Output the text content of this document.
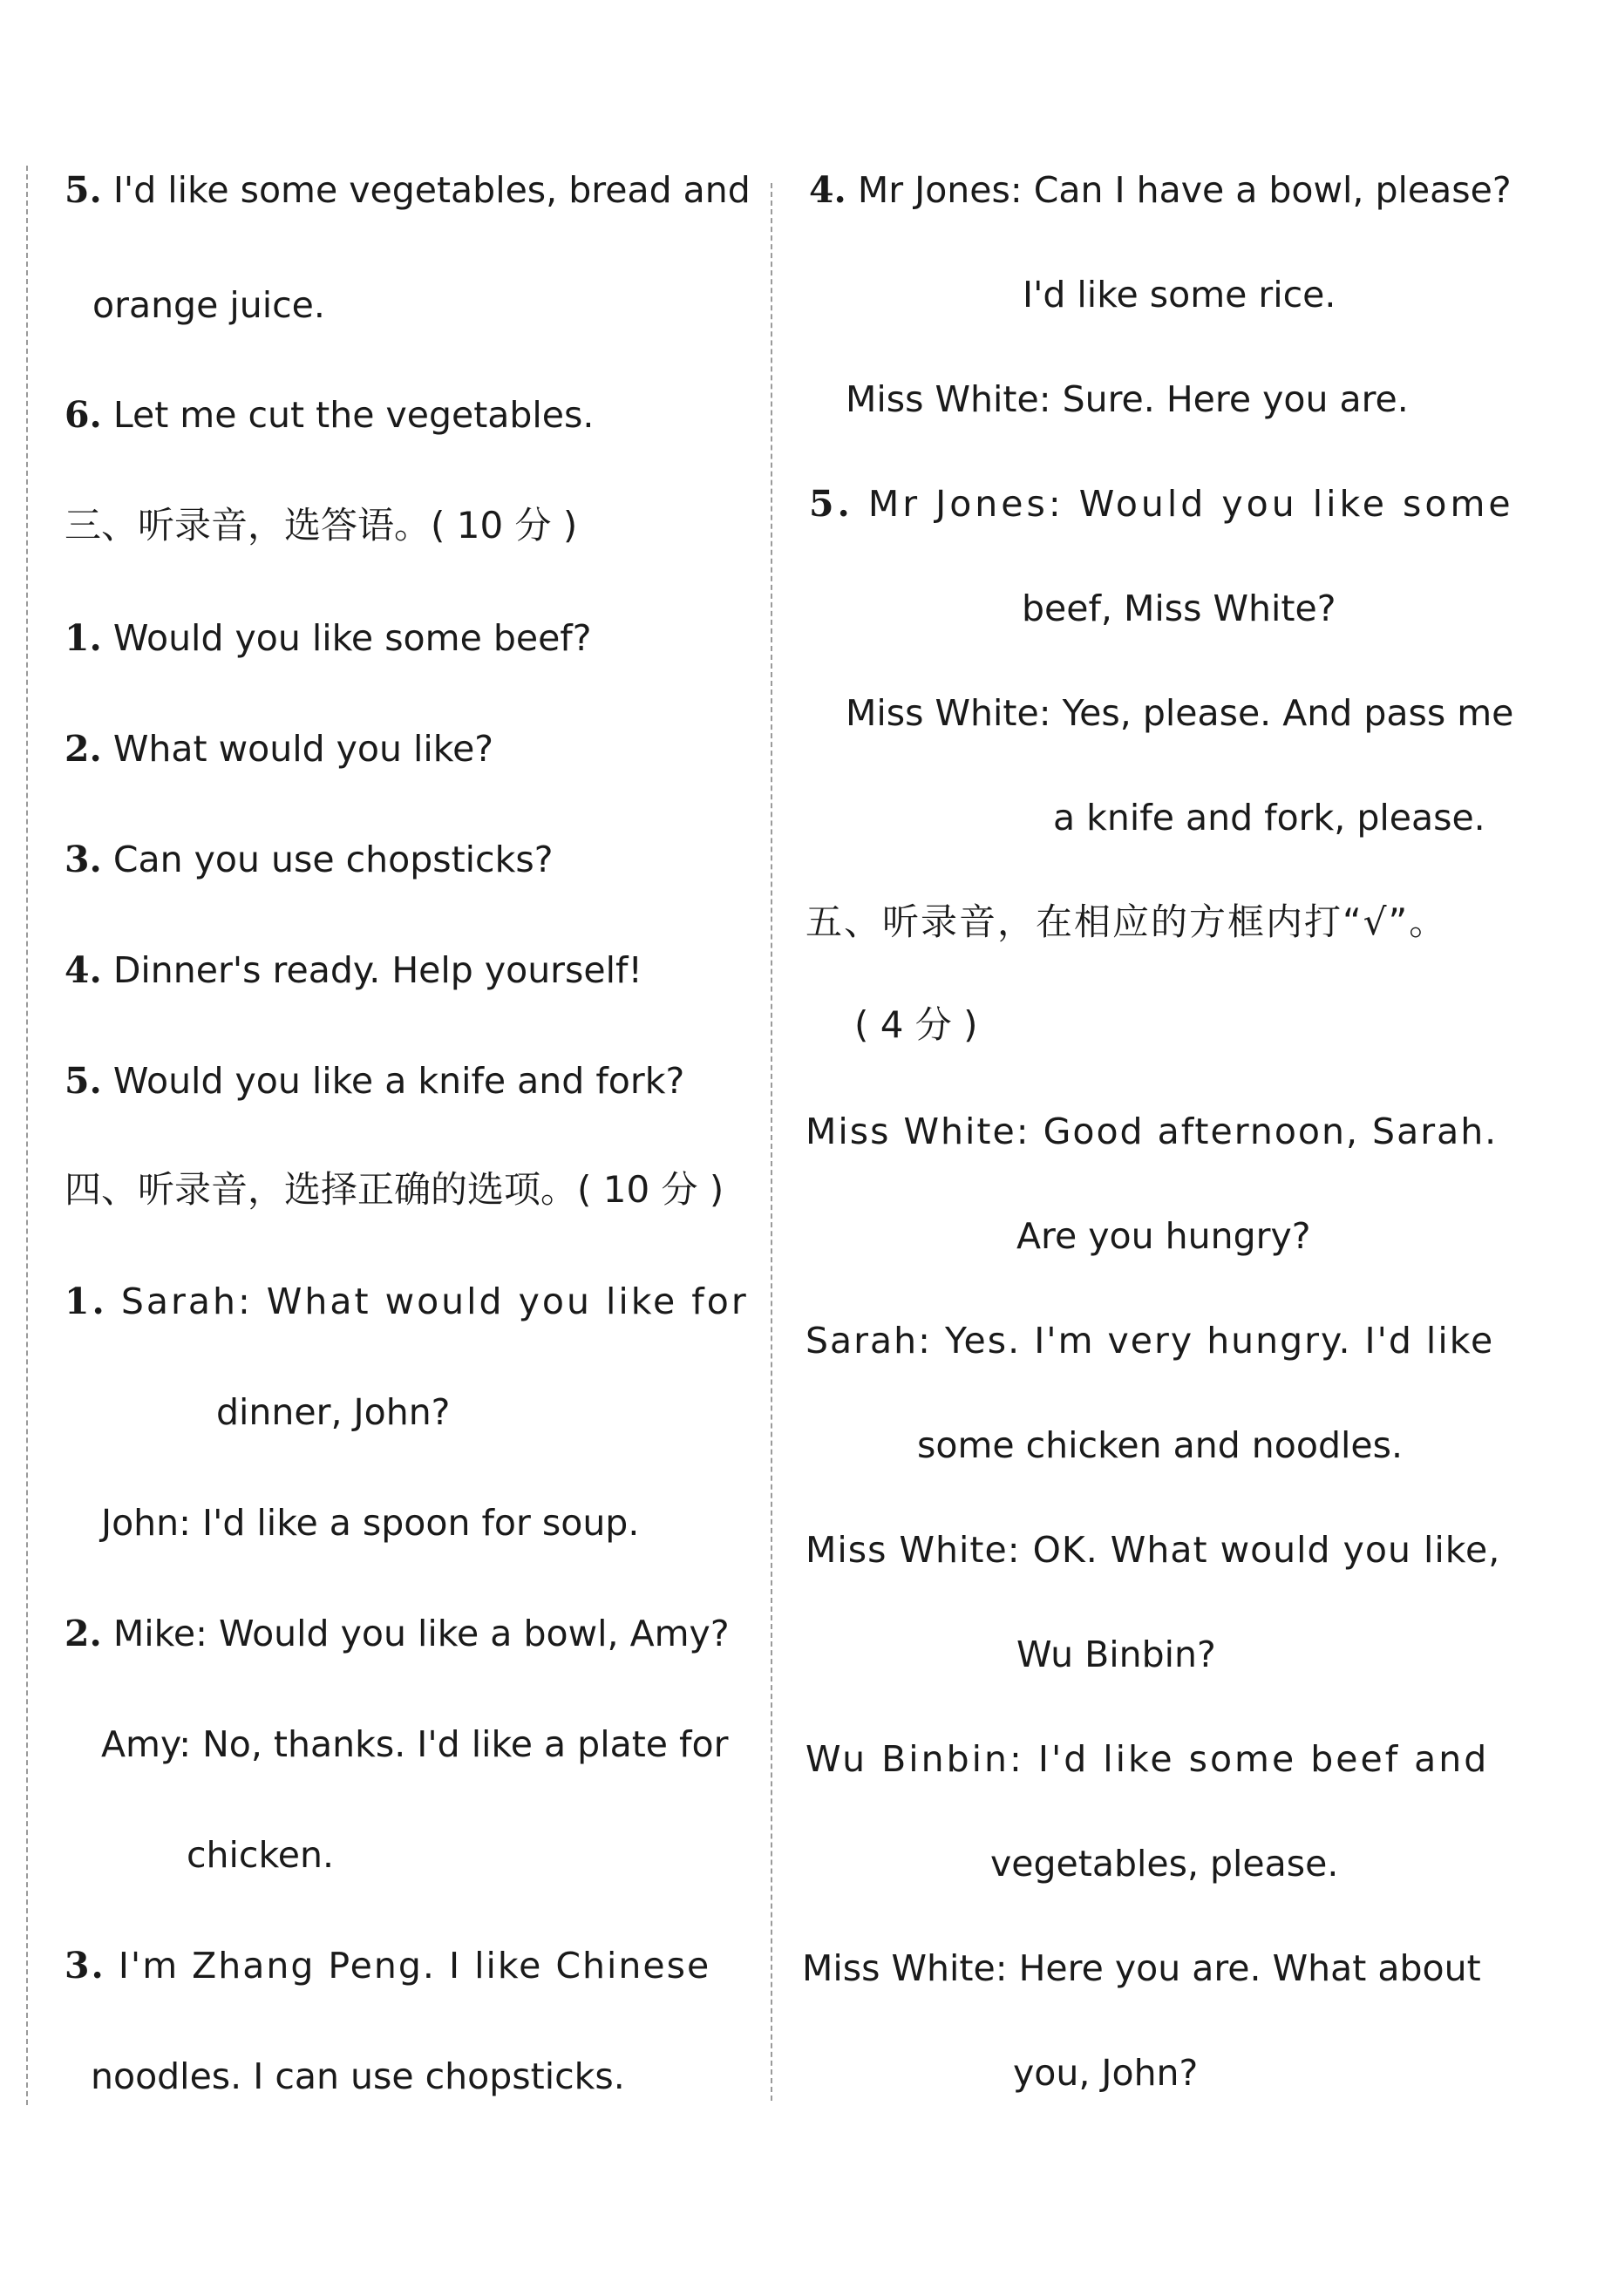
5. I'd like some vegetables, bread and
orange juice.
6. Let me cut the vegetables.
三、听录音，选答语。( 10 分 )
1. Would you like some beef?
2. What would you like?
3. Can you use chopsticks?
4. Dinner's ready. Help yourself!
5. Would you like a knife and fork?
四、听录音，选择正确的选项。( 10 分 )
1. Sarah: What would you like for
dinner, John?
John: I'd like a spoon for soup.
2. Mike: Would you like a bowl, Amy?
Amy: No, thanks. I'd like a plate for
chicken.
3. I'm Zhang Peng. I like Chinese
noodles. I can use chopsticks.
4. Mr Jones: Can I have a bowl, please?
I'd like some rice.
Miss White: Sure. Here you are.
5. Mr Jones: Would you like some
beef, Miss White?
Miss White: Yes, please. And pass me
a knife and fork, please.
五、听录音，在相应的方框内打“√”。
( 4 分 )
Miss White: Good afternoon, Sarah.
Are you hungry?
Sarah: Yes. I'm very hungry. I'd like
some chicken and noodles.
Miss White: OK. What would you like,
Wu Binbin?
Wu Binbin: I'd like some beef and
vegetables, please.
Miss White: Here you are. What about
you, John?
